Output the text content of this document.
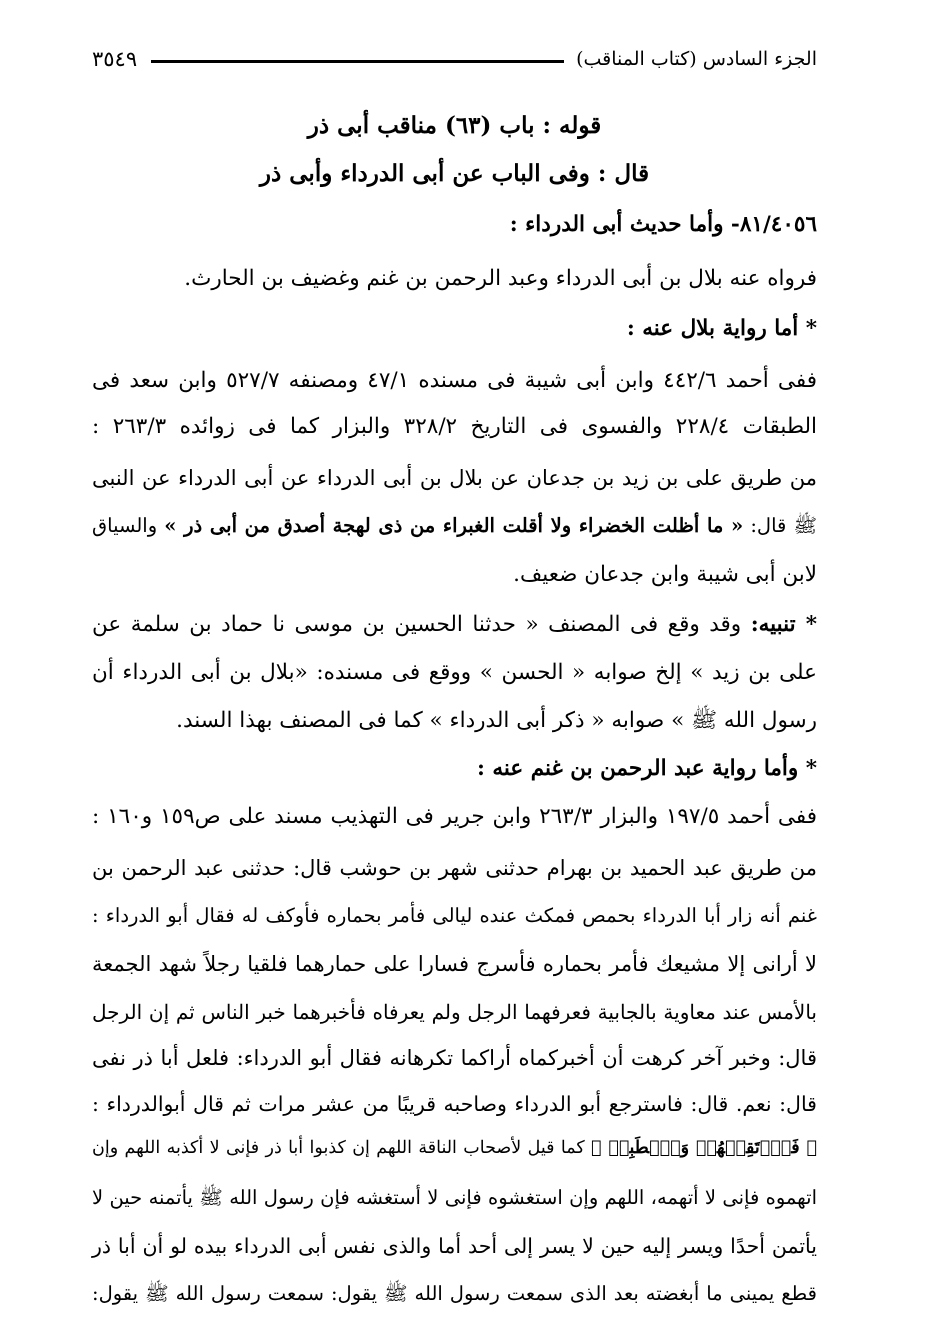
الجزء السادس (كتاب المناقب)
٣٥٤٩
قوله : باب (٦٣) مناقب أبى ذر
قال : وفى الباب عن أبى الدرداء وأبى ذر
٨١/٤٠٥٦- وأما حديث أبى الدرداء :
فرواه عنه بلال بن أبى الدرداء وعبد الرحمن بن غنم وغضيف بن الحارث.
* أما رواية بلال عنه :
ففى أحمد ٤٤٢/٦ وابن أبى شيبة فى مسنده ٤٧/١ ومصنفه ٥٢٧/٧ وابن سعد فى
الطبقات ٢٢٨/٤ والفسوى فى التاريخ ٣٢٨/٢ والبزار كما فى زوائده ٢٦٣/٣ :
من طريق على بن زيد بن جدعان عن بلال بن أبى الدرداء عن أبى الدرداء عن النبى
ﷺ قال: « ما أظلت الخضراء ولا أقلت الغبراء من ذى لهجة أصدق من أبى ذر » والسياق
لابن أبى شيبة وابن جدعان ضعيف.
* تنبيه: وقد وقع فى المصنف « حدثنا الحسين بن موسى نا حماد بن سلمة عن
على بن زيد » إلخ صوابه « الحسن » ووقع فى مسنده: «بلال بن أبى الدرداء أن
رسول الله ﷺ » صوابه « ذكر أبى الدرداء » كما فى المصنف بهذا السند.
* وأما رواية عبد الرحمن بن غنم عنه :
ففى أحمد ١٩٧/٥ والبزار ٢٦٣/٣ وابن جرير فى التهذيب مسند على ص١٥٩ و١٦٠ :
من طريق عبد الحميد بن بهرام حدثنى شهر بن حوشب قال: حدثنى عبد الرحمن بن
غنم أنه زار أبا الدرداء بحمص فمكث عنده ليالى فأمر بحماره فأوكف له فقال أبو الدرداء :
لا أرانى إلا مشيعك فأمر بحماره فأسرج فسارا على حمارهما فلقيا رجلاً شهد الجمعة
بالأمس عند معاوية بالجابية فعرفهما الرجل ولم يعرفاه فأخبرهما خبر الناس ثم إن الرجل
قال: وخبر آخر كرهت أن أخبركماه أراكما تكرهانه فقال أبو الدرداء: فلعل أبا ذر نفى
قال: نعم. قال: فاسترجع أبو الدرداء وصاحبه قريبًا من عشر مرات ثم قال أبوالدرداء :
﴿ فَٱرۡتَقِبۡهُمۡ وَٱصۡطَبِرۡ ﴾ كما قيل لأصحاب الناقة اللهم إن كذبوا أبا ذر فإنى لا أكذبه اللهم وإن
اتهموه فإنى لا أتهمه، اللهم وإن استغشوه فإنى لا أستغشه فإن رسول الله ﷺ يأتمنه حين لا
يأتمن أحدًا ويسر إليه حين لا يسر إلى أحد أما والذى نفس أبى الدرداء بيده لو أن أبا ذر
قطع يمينى ما أبغضته بعد الذى سمعت رسول الله ﷺ يقول: سمعت رسول الله ﷺ يقول:
